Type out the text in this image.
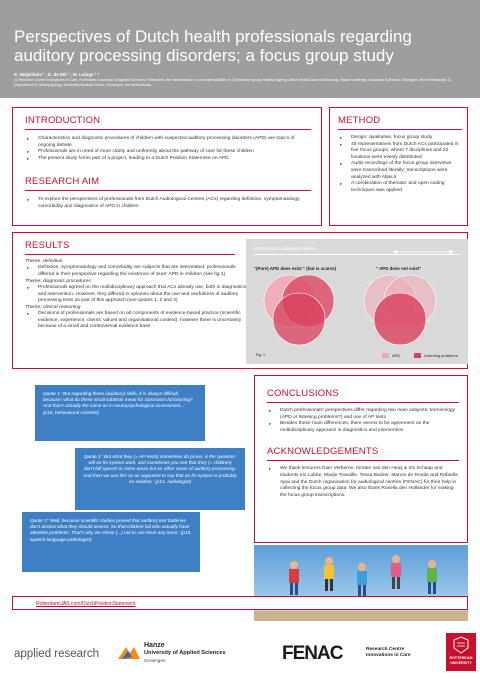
Perspectives of Dutch health professionals regarding auditory processing disorders; a focus group study
K. Neijenhuis ¹ , E. de Wit ² , M. Luinge ¹ ³
1) Research Centre Innovations in Care, Rotterdam University of Applied Sciences, Rotterdam, the Netherlands; c.a.m.neijenhuis@hr.nl; 2) Research group Healthy Ageing, Allied Health Care and Nursing, Hanze University of Applied Sciences, Groningen, the Netherlands; 3) Department of Otolaryngology, University Medical Center, Groningen, the Netherlands.
INTRODUCTION
▸ Characteristics and diagnostic procedures of children with suspected auditory processing disorders (APD) are topics of ongoing debate
▸ Professionals are in need of more clarity and uniformity about the pathway of care for these children
▸ The present study forms part of a project, leading to a Dutch Position Statement on APD
RESEARCH AIM
▸ To explore the perspectives of professionals from Dutch Audiological Centres (ACs) regarding definition, symptomatology, comorbidity and diagnostics of APD in children
METHOD
▸ Design: qualitative, focus group study
▸ 45 representatives from Dutch ACs participated in five focus groups, where 7 disciplines and 22 locations were evenly distributed
▸ Audio recordings of the focus group interviews were transcribed literally; transcriptions were analyzed with Atlas.ti
▸ A combination of thematic and open coding techniques was applied
RESULTS
Theme: definition
▸ Definition, symptomatology and comorbidity are subjects that are interrelated; professionals differed in their perspective regarding the existence of 'pure' APD in children (see fig 1)
Theme: diagnostic procedures
▸ Professionals agreed on the multidisciplinary approach that ACs already use, both in diagnostics and intervention. However, they differed in opinions about the use and usefulness of auditory processing tests as part of this approach (see quotes 1, 2 and 3)
Theme: clinical reasoning
▸ Decisions of professionals are based on all components of evidence-based practice (scientific evidence, experience, clients' values and organisational context), however there is uncertainty because of a small and controversial evidence base
APD versus Listening problems
"(Pure) APD does exist " (but is scarce)	" APD does not exist"
Fig. 1	APD	Listening problems
Quote 1: 'But regarding these (auditory) skills, it is always difficult, because: what do these small subtests mean for classroom functioning? And that's actually the same as in neuropsychological assessment...' (p16, behavioural scientist)
Quote 2: 'But what they (= AP-tests) sometimes do prove, is the question: will an fm system work, and sometimes you see that they (= children) don't fall speech in noise areas but on other areas of auditory processing. And then we use this as an argument to say that an fm system is probably no solution.' (p13, audiologist)
Quote 3: 'Well, because scientific studies proved that auditory test batteries don't assess what they should assess. So that children fail who actually have attention problems. That's why we chose (...) not to use them any more.' (p15, speech-language pathologist)
CONCLUSIONS
▸ Dutch professionals' perspectives differ regarding two main subjects: terminology (APD or listening problems?) and use of AP tests
▸ Besides these main differences, there seems to be agreement on the multidisciplinary approach in diagnostics and intervention
ACKNOWLEDGEMENTS
▸ We thank lecturers Dian Verberne, Kirsten van den Heuij & Iris Schaap and students Iris Lubbe, Marije Travaille, Tessa Backer, Manon de Ronde and Rafaella Apai and the Dutch organisation for audiological centres (FENAC) for their help in collecting the focus group data. We also thank Rosella den Hollander for making the focus group transcriptions.
RotterdamUAS.com/DutchPositionStatement
applied research
Hanze
University of Applied Sciences
Groningen	FENAC	Research Centre
Innovations in Care	ROTTERDAM
UNIVERSITY
